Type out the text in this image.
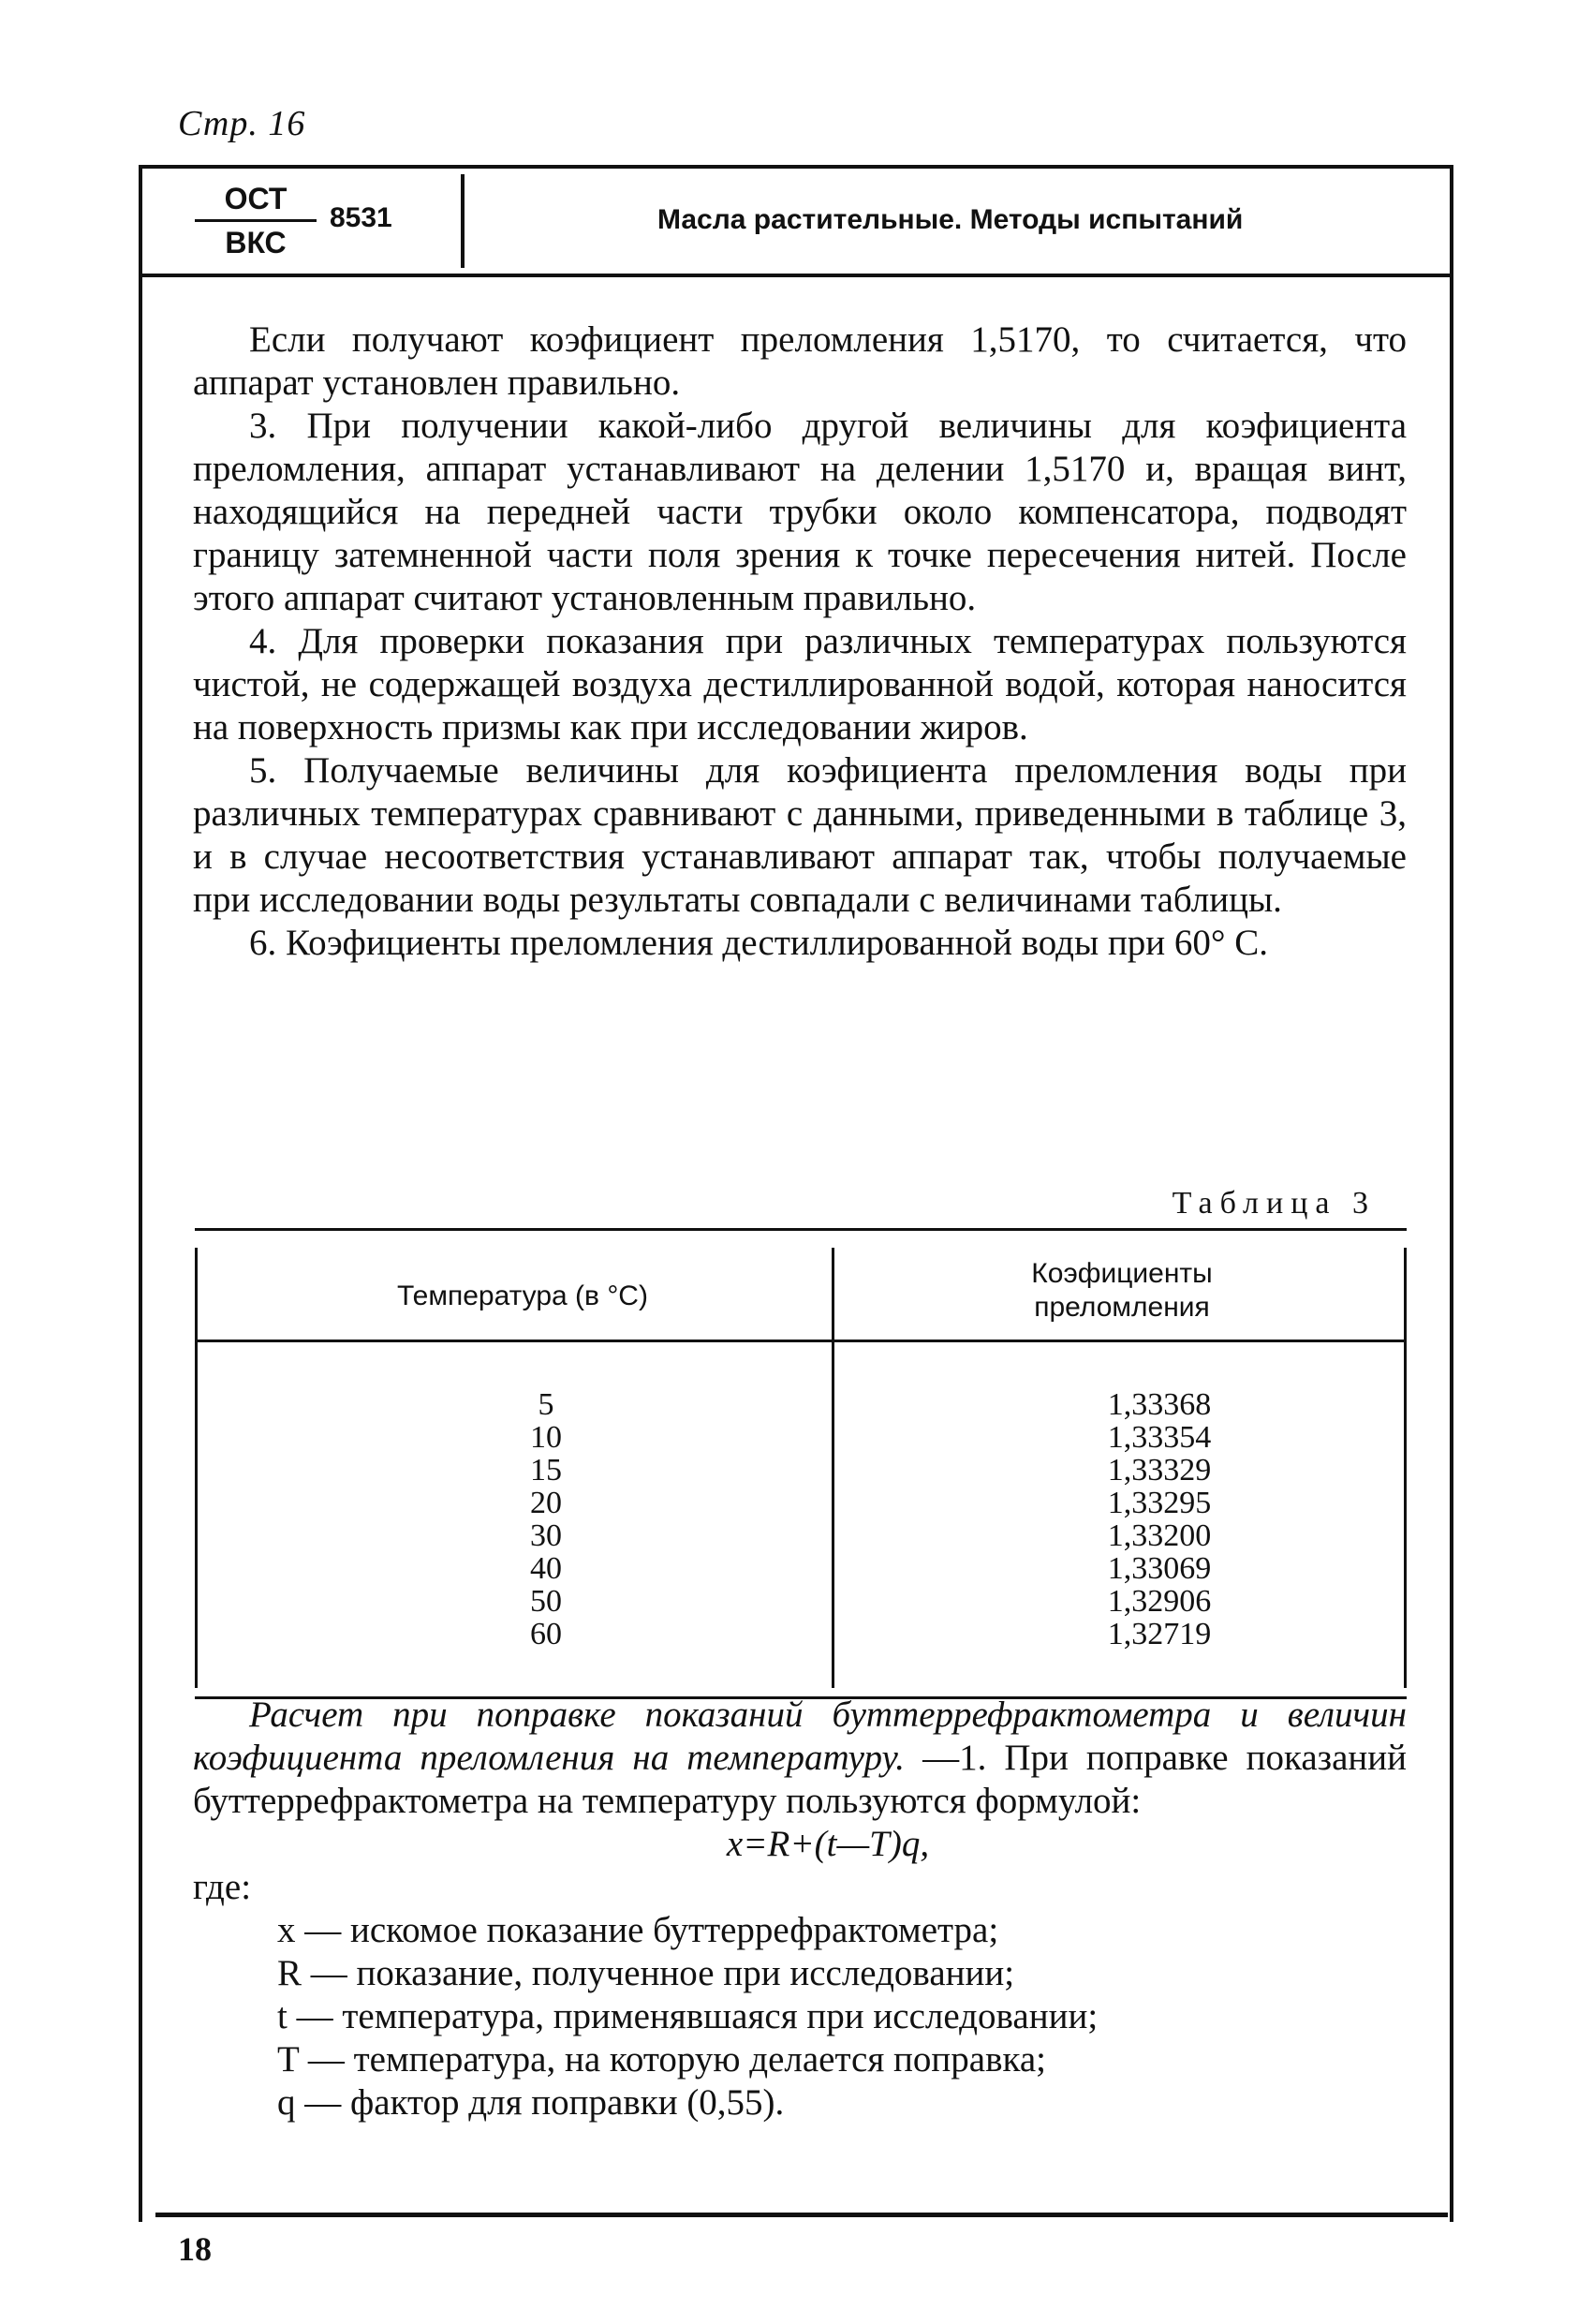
Стр. 16
ОСТ
ВКС
8531	Масла растительные. Методы испытаний

Если получают коэфициент преломления 1,5170, то считается, что аппарат установлен правильно.

3. При получении какой-либо другой величины для коэфициента преломления, аппарат устанавливают на делении 1,5170 и, вращая винт, находящийся на передней части трубки около компенсатора, подводят границу затемненной части поля зрения к точке пересечения нитей. После этого аппарат считают установленным правильно.

4. Для проверки показания при различных температурах пользуются чистой, не содержащей воздуха дестиллированной водой, которая наносится на поверхность призмы как при исследовании жиров.

5. Получаемые величины для коэфициента преломления воды при различных температурах сравнивают с данными, приведенными в таблице 3, и в случае несоответствия устанавливают аппарат так, чтобы получаемые при исследовании воды результаты совпадали с величинами таблицы.

6. Коэфициенты преломления дестиллированной воды при 60° С.

Таблица 3
Температура (в °С)
Коэфициенты
преломления
5
10
15
20
30
40
50
60
1,33368
1,33354
1,33329
1,33295
1,33200
1,33069
1,32906
1,32719

Расчет при поправке показаний буттеррефрактометра и величин коэфициента преломления на температуру. —1. При поправке показаний буттеррефрактометра на температуру пользуются формулой:

x=R+(t—T)q,

где:

x — искомое показание буттеррефрактометра;
R — показание, полученное при исследовании;
t — температура, применявшаяся при исследовании;
T — температура, на которую делается поправка;
q — фактор для поправки (0,55).
18
